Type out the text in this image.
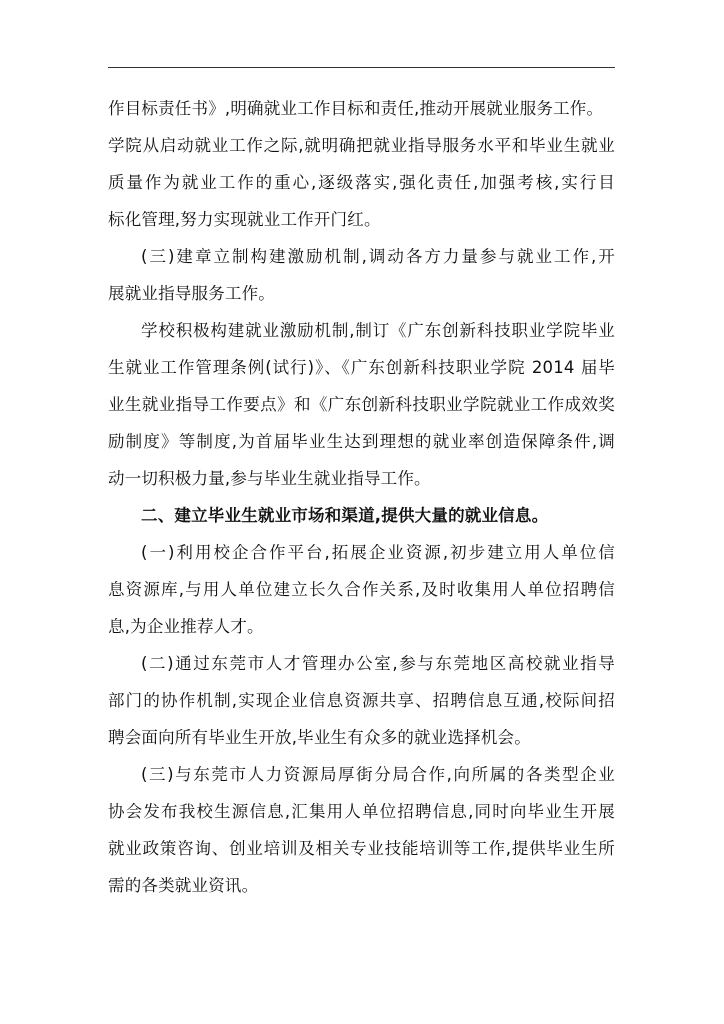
作目标责任书》,明确就业工作目标和责任,推动开展就业服务工作。
学院从启动就业工作之际,就明确把就业指导服务水平和毕业生就业
质量作为就业工作的重心,逐级落实,强化责任,加强考核,实行目
标化管理,努力实现就业工作开门红。
(三)建章立制构建激励机制,调动各方力量参与就业工作,开
展就业指导服务工作。
学校积极构建就业激励机制,制订《广东创新科技职业学院毕业
生就业工作管理条例(试行)》、《广东创新科技职业学院 2014 届毕
业生就业指导工作要点》和《广东创新科技职业学院就业工作成效奖
励制度》等制度,为首届毕业生达到理想的就业率创造保障条件,调
动一切积极力量,参与毕业生就业指导工作。
二、建立毕业生就业市场和渠道,提供大量的就业信息。
(一)利用校企合作平台,拓展企业资源,初步建立用人单位信
息资源库,与用人单位建立长久合作关系,及时收集用人单位招聘信
息,为企业推荐人才。
(二)通过东莞市人才管理办公室,参与东莞地区高校就业指导
部门的协作机制,实现企业信息资源共享、招聘信息互通,校际间招
聘会面向所有毕业生开放,毕业生有众多的就业选择机会。
(三)与东莞市人力资源局厚街分局合作,向所属的各类型企业
协会发布我校生源信息,汇集用人单位招聘信息,同时向毕业生开展
就业政策咨询、创业培训及相关专业技能培训等工作,提供毕业生所
需的各类就业资讯。
